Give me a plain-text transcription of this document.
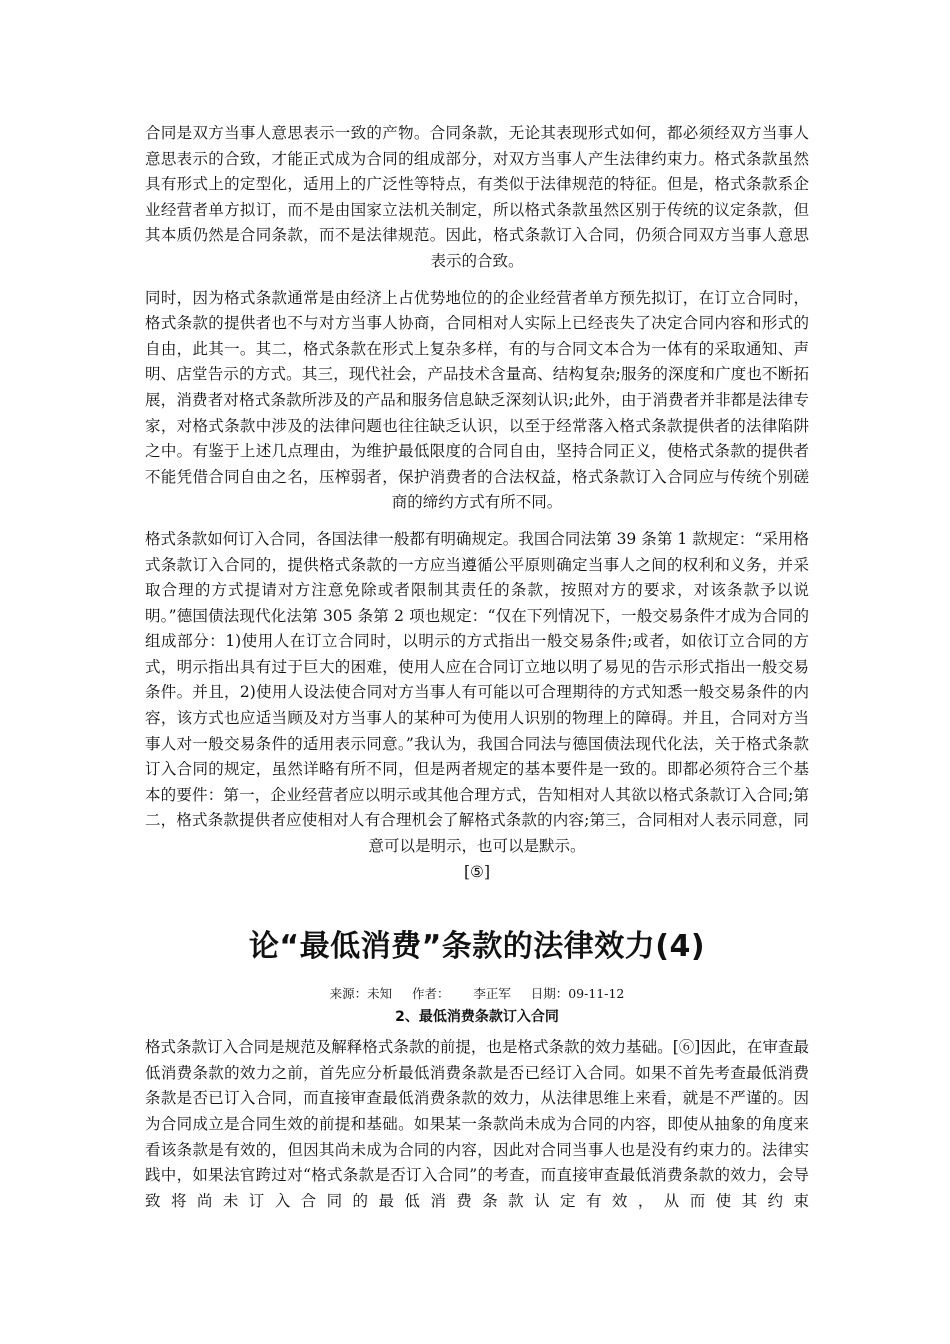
合同是双方当事人意思表示一致的产物。合同条款，无论其表现形式如何，都必须经双方当事人意思表示的合致，才能正式成为合同的组成部分，对双方当事人产生法律约束力。格式条款虽然具有形式上的定型化，适用上的广泛性等特点，有类似于法律规范的特征。但是，格式条款系企业经营者单方拟订，而不是由国家立法机关制定，所以格式条款虽然区别于传统的议定条款，但其本质仍然是合同条款，而不是法律规范。因此，格式条款订入合同，仍须合同双方当事人意思表示的合致。

同时，因为格式条款通常是由经济上占优势地位的的企业经营者单方预先拟订，在订立合同时，格式条款的提供者也不与对方当事人协商，合同相对人实际上已经丧失了决定合同内容和形式的自由，此其一。其二，格式条款在形式上复杂多样，有的与合同文本合为一体有的采取通知、声明、店堂告示的方式。其三，现代社会，产品技术含量高、结构复杂;服务的深度和广度也不断拓展，消费者对格式条款所涉及的产品和服务信息缺乏深刻认识;此外，由于消费者并非都是法律专家，对格式条款中涉及的法律问题也往往缺乏认识，以至于经常落入格式条款提供者的法律陷阱之中。有鉴于上述几点理由，为维护最低限度的合同自由，坚持合同正义，使格式条款的提供者不能凭借合同自由之名，压榨弱者，保护消费者的合法权益，格式条款订入合同应与传统个别磋商的缔约方式有所不同。

格式条款如何订入合同，各国法律一般都有明确规定。我国合同法第 39 条第 1 款规定：“采用格式条款订入合同的，提供格式条款的一方应当遵循公平原则确定当事人之间的权利和义务，并采取合理的方式提请对方注意免除或者限制其责任的条款，按照对方的要求，对该条款予以说明。”德国债法现代化法第 305 条第 2 项也规定：“仅在下列情况下，一般交易条件才成为合同的组成部分：1)使用人在订立合同时，以明示的方式指出一般交易条件;或者，如依订立合同的方式，明示指出具有过于巨大的困难，使用人应在合同订立地以明了易见的告示形式指出一般交易条件。并且，2)使用人设法使合同对方当事人有可能以可合理期待的方式知悉一般交易条件的内容，该方式也应适当顾及对方当事人的某种可为使用人识别的物理上的障碍。并且，合同对方当事人对一般交易条件的适用表示同意。”我认为，我国合同法与德国债法现代化法，关于格式条款订入合同的规定，虽然详略有所不同，但是两者规定的基本要件是一致的。即都必须符合三个基本的要件：第一，企业经营者应以明示或其他合理方式，告知相对人其欲以格式条款订入合同;第二，格式条款提供者应使相对人有合理机会了解格式条款的内容;第三，合同相对人表示同意，同意可以是明示，也可以是默示。

[⑤]

论“最低消费”条款的法律效力(4)
来源：未知     作者：      李正军     日期：09-11-12
2、最低消费条款订入合同

格式条款订入合同是规范及解释格式条款的前提，也是格式条款的效力基础。[⑥]因此，在审查最低消费条款的效力之前，首先应分析最低消费条款是否已经订入合同。如果不首先考查最低消费条款是否已订入合同，而直接审查最低消费条款的效力，从法律思维上来看，就是不严谨的。因为合同成立是合同生效的前提和基础。如果某一条款尚未成为合同的内容，即使从抽象的角度来看该条款是有效的，但因其尚未成为合同的内容，因此对合同当事人也是没有约束力的。法律实践中，如果法官跨过对“格式条款是否订入合同”的考查，而直接审查最低消费条款的效力，会导致将尚未订入合同的最低消费条款认定有效，从而使其约束
